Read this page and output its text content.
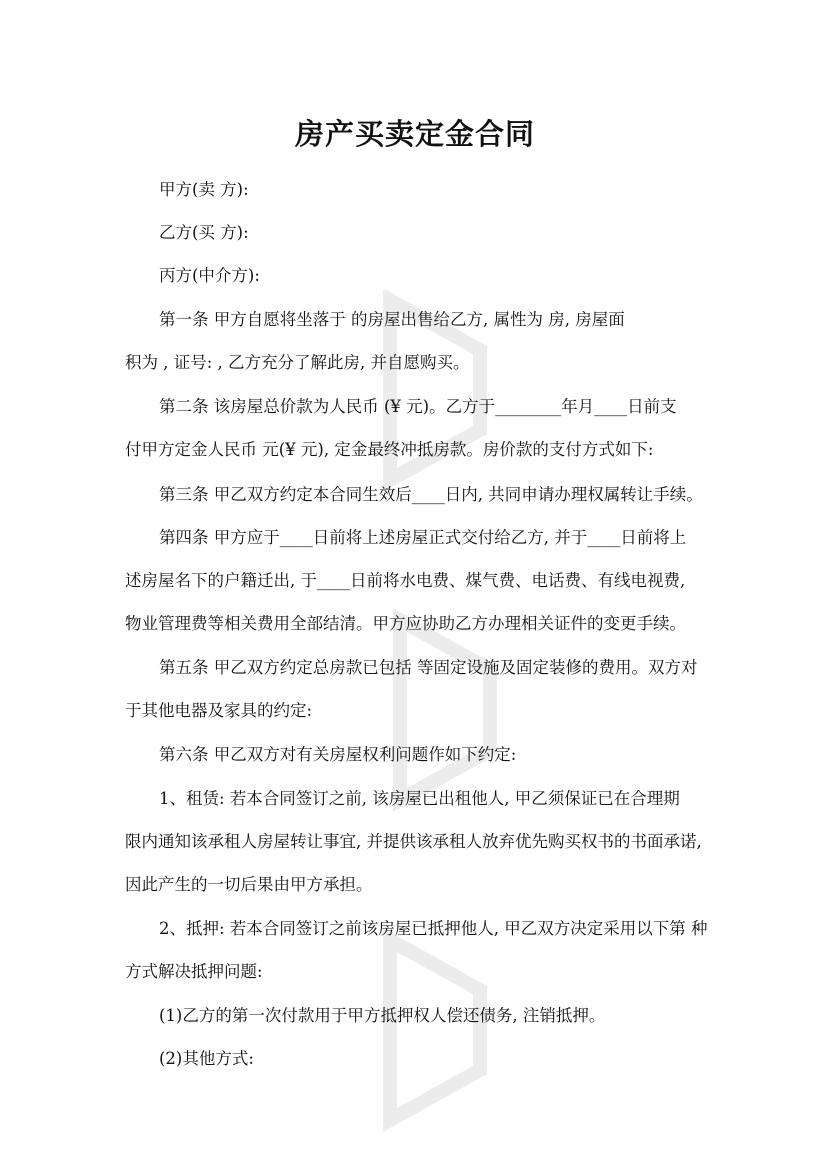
房产买卖定金合同

甲方(卖 方):

乙方(买 方):

丙方(中介方):

第一条 甲方自愿将坐落于 的房屋出售给乙方, 属性为 房, 房屋面

积为 , 证号: , 乙方充分了解此房, 并自愿购买。

第二条 该房屋总价款为人民币 (¥ 元)。乙方于________年月____日前支

付甲方定金人民币 元(¥ 元), 定金最终冲抵房款。房价款的支付方式如下:

第三条 甲乙双方约定本合同生效后____日内, 共同申请办理权属转让手续。

第四条 甲方应于____日前将上述房屋正式交付给乙方, 并于____日前将上

述房屋名下的户籍迁出, 于____日前将水电费、煤气费、电话费、有线电视费,

物业管理费等相关费用全部结清。甲方应协助乙方办理相关证件的变更手续。

第五条 甲乙双方约定总房款已包括 等固定设施及固定装修的费用。双方对

于其他电器及家具的约定:

第六条 甲乙双方对有关房屋权利问题作如下约定:

1、租赁: 若本合同签订之前, 该房屋已出租他人, 甲乙须保证已在合理期

限内通知该承租人房屋转让事宜, 并提供该承租人放弃优先购买权书的书面承诺,

因此产生的一切后果由甲方承担。

2、抵押: 若本合同签订之前该房屋已抵押他人, 甲乙双方决定采用以下第 种

方式解决抵押问题:

(1)乙方的第一次付款用于甲方抵押权人偿还债务, 注销抵押。

(2)其他方式:
